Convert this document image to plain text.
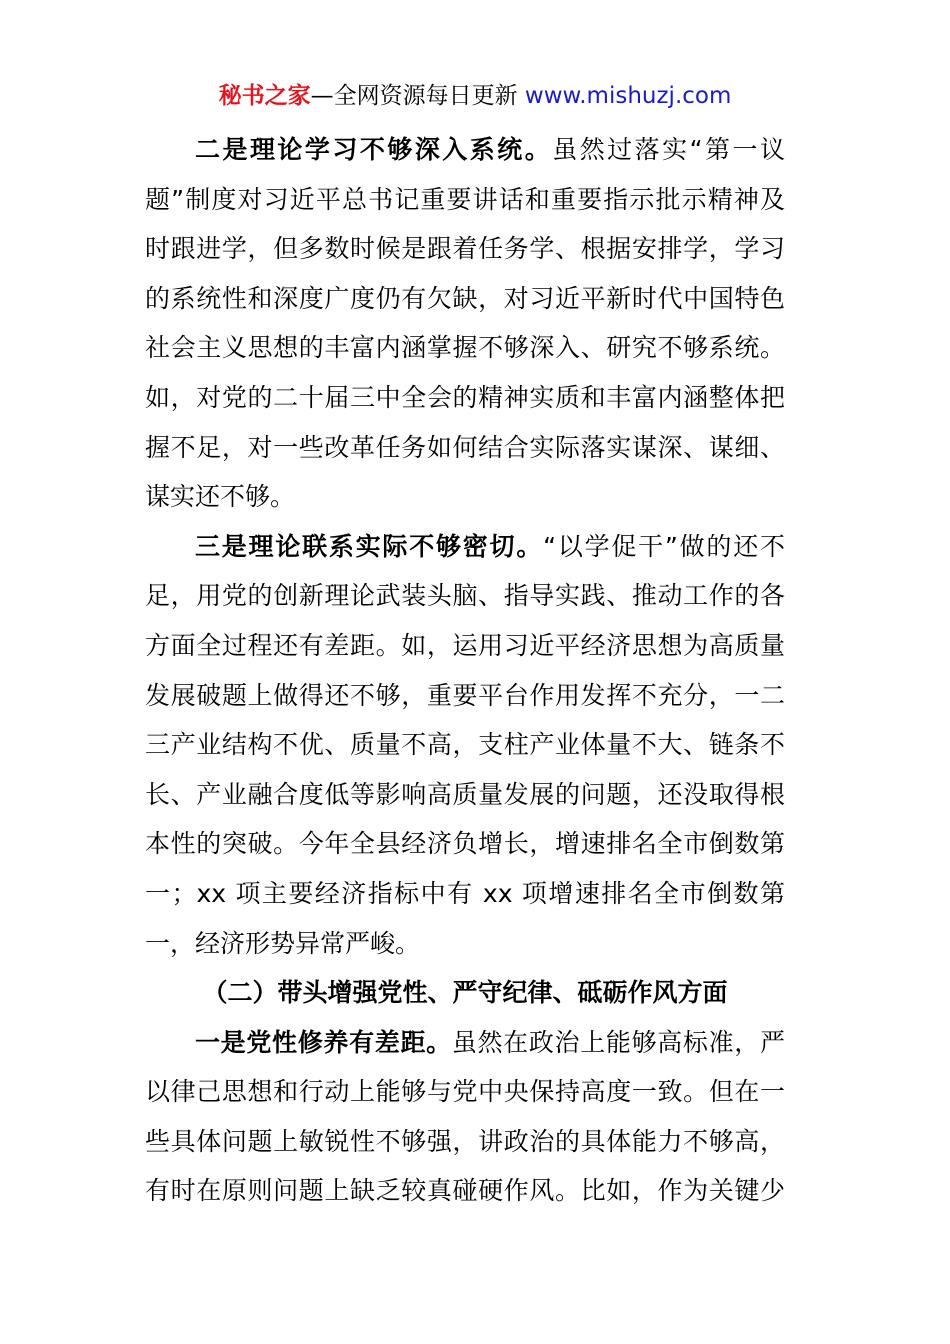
秘书之家—全网资源每日更新 www.mishuzj.com
二是理论学习不够深入系统。虽然过落实“第一议
题”制度对习近平总书记重要讲话和重要指示批示精神及
时跟进学，但多数时候是跟着任务学、根据安排学，学习
的系统性和深度广度仍有欠缺，对习近平新时代中国特色
社会主义思想的丰富内涵掌握不够深入、研究不够系统。
如，对党的二十届三中全会的精神实质和丰富内涵整体把
握不足，对一些改革任务如何结合实际落实谋深、谋细、
谋实还不够。
三是理论联系实际不够密切。“以学促干”做的还不
足，用党的创新理论武装头脑、指导实践、推动工作的各
方面全过程还有差距。如，运用习近平经济思想为高质量
发展破题上做得还不够，重要平台作用发挥不充分，一二
三产业结构不优、质量不高，支柱产业体量不大、链条不
长、产业融合度低等影响高质量发展的问题，还没取得根
本性的突破。今年全县经济负增长，增速排名全市倒数第
一；xx 项主要经济指标中有 xx 项增速排名全市倒数第
一，经济形势异常严峻。
（二）带头增强党性、严守纪律、砥砺作风方面
一是党性修养有差距。虽然在政治上能够高标准，严
以律己思想和行动上能够与党中央保持高度一致。但在一
些具体问题上敏锐性不够强，讲政治的具体能力不够高，
有时在原则问题上缺乏较真碰硬作风。比如，作为关键少
